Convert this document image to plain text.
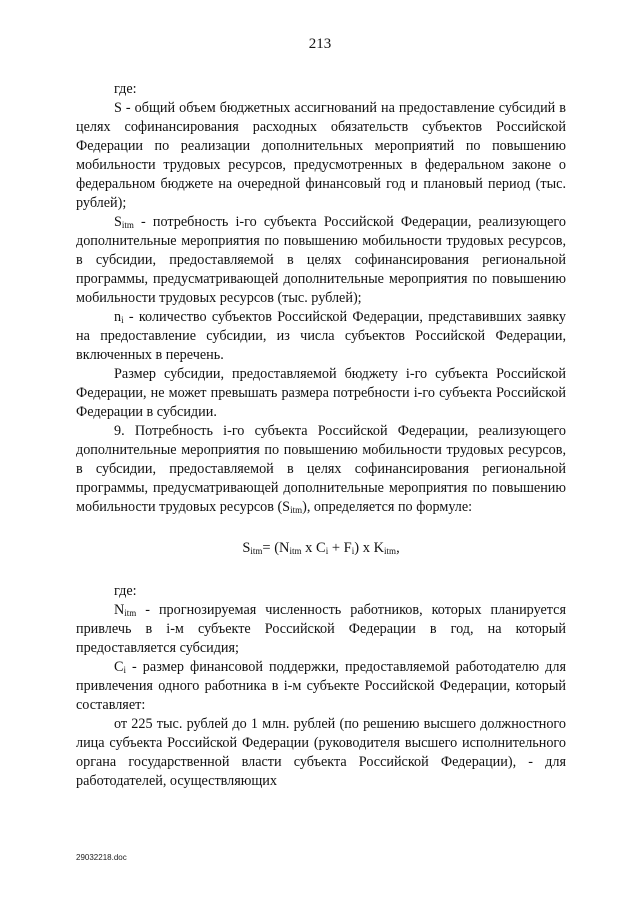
213

где:

S - общий объем бюджетных ассигнований на предоставление субсидий в целях софинансирования расходных обязательств субъектов Российской Федерации по реализации дополнительных мероприятий по повышению мобильности трудовых ресурсов, предусмотренных в федеральном законе о федеральном бюджете на очередной финансовый год и плановый период (тыс. рублей);

$S_{itm}$ - потребность i-го субъекта Российской Федерации, реализующего дополнительные мероприятия по повышению мобильности трудовых ресурсов, в субсидии, предоставляемой в целях софинансирования региональной программы, предусматривающей дополнительные мероприятия по повышению мобильности трудовых ресурсов (тыс. рублей);

$n_i$ - количество субъектов Российской Федерации, представивших заявку на предоставление субсидии, из числа субъектов Российской Федерации, включенных в перечень.

Размер субсидии, предоставляемой бюджету i-го субъекта Российской Федерации, не может превышать размера потребности i-го субъекта Российской Федерации в субсидии.

9. Потребность i-го субъекта Российской Федерации, реализующего дополнительные мероприятия по повышению мобильности трудовых ресурсов, в субсидии, предоставляемой в целях софинансирования региональной программы, предусматривающей дополнительные мероприятия по повышению мобильности трудовых ресурсов $(S_{itm})$, определяется по формуле:

$S_{itm}= (N_{itm}$ x $C_i + F_i$) x $K_{itm}$,

где:

$N_{itm}$ - прогнозируемая численность работников, которых планируется привлечь в i-м субъекте Российской Федерации в год, на который предоставляется субсидия;

$C_i$ - размер финансовой поддержки, предоставляемой работодателю для привлечения одного работника в i-м субъекте Российской Федерации, который составляет:

от 225 тыс. рублей до 1 млн. рублей (по решению высшего должностного лица субъекта Российской Федерации (руководителя высшего исполнительного органа государственной власти субъекта Российской Федерации), - для работодателей, осуществляющих

29032218.doc
